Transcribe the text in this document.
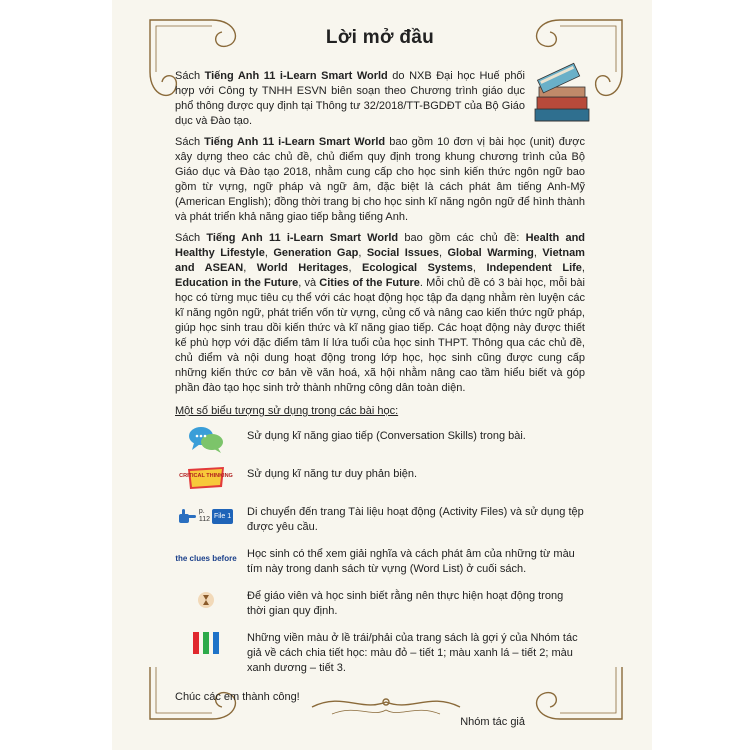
Lời mở đầu

Sách Tiếng Anh 11 i-Learn Smart World do NXB Đại học Huế phối hợp với Công ty TNHH ESVN biên soạn theo Chương trình giáo dục phổ thông được quy định tại Thông tư 32/2018/TT-BGDĐT của Bộ Giáo dục và Đào tạo.

Sách Tiếng Anh 11 i-Learn Smart World bao gồm 10 đơn vị bài học (unit) được xây dựng theo các chủ đề, chủ điểm quy định trong khung chương trình của Bộ Giáo dục và Đào tạo 2018, nhằm cung cấp cho học sinh kiến thức ngôn ngữ bao gồm từ vựng, ngữ pháp và ngữ âm, đặc biệt là cách phát âm tiếng Anh-Mỹ (American English); đồng thời trang bị cho học sinh kĩ năng ngôn ngữ để hình thành và phát triển khả năng giao tiếp bằng tiếng Anh.

Sách Tiếng Anh 11 i-Learn Smart World bao gồm các chủ đề: Health and Healthy Lifestyle, Generation Gap, Social Issues, Global Warming, Vietnam and ASEAN, World Heritages, Ecological Systems, Independent Life, Education in the Future, và Cities of the Future. Mỗi chủ đề có 3 bài học, mỗi bài học có từng mục tiêu cụ thể với các hoạt động học tập đa dạng nhằm rèn luyện các kĩ năng ngôn ngữ, phát triển vốn từ vựng, củng cố và nâng cao kiến thức ngữ pháp, giúp học sinh trau dồi kiến thức và kĩ năng giao tiếp. Các hoạt động này được thiết kế phù hợp với đặc điểm tâm lí lứa tuổi của học sinh THPT. Thông qua các chủ đề, chủ điểm và nội dung hoạt động trong lớp học, học sinh cũng được cung cấp những kiến thức cơ bản về văn hoá, xã hội nhằm nâng cao tầm hiểu biết và góp phần đào tạo học sinh trở thành những công dân toàn diện.

Một số biểu tượng sử dụng trong các bài học:
Sử dụng kĩ năng giao tiếp (Conversation Skills) trong bài.
CRITICAL THINKING Sử dụng kĩ năng tư duy phản biện.
p.
112 File 1 Di chuyển đến trang Tài liệu hoạt động (Activity Files) và sử dụng tệp được yêu cầu.
the clues before Học sinh có thể xem giải nghĩa và cách phát âm của những từ màu tím này trong danh sách từ vựng (Word List) ở cuối sách.
Để giáo viên và học sinh biết rằng nên thực hiện hoạt động trong thời gian quy định.
Những viền màu ở lề trái/phải của trang sách là gợi ý của Nhóm tác giả về cách chia tiết học: màu đỏ – tiết 1; màu xanh lá – tiết 2; màu xanh dương – tiết 3.
Chúc các em thành công!
Nhóm tác giả
